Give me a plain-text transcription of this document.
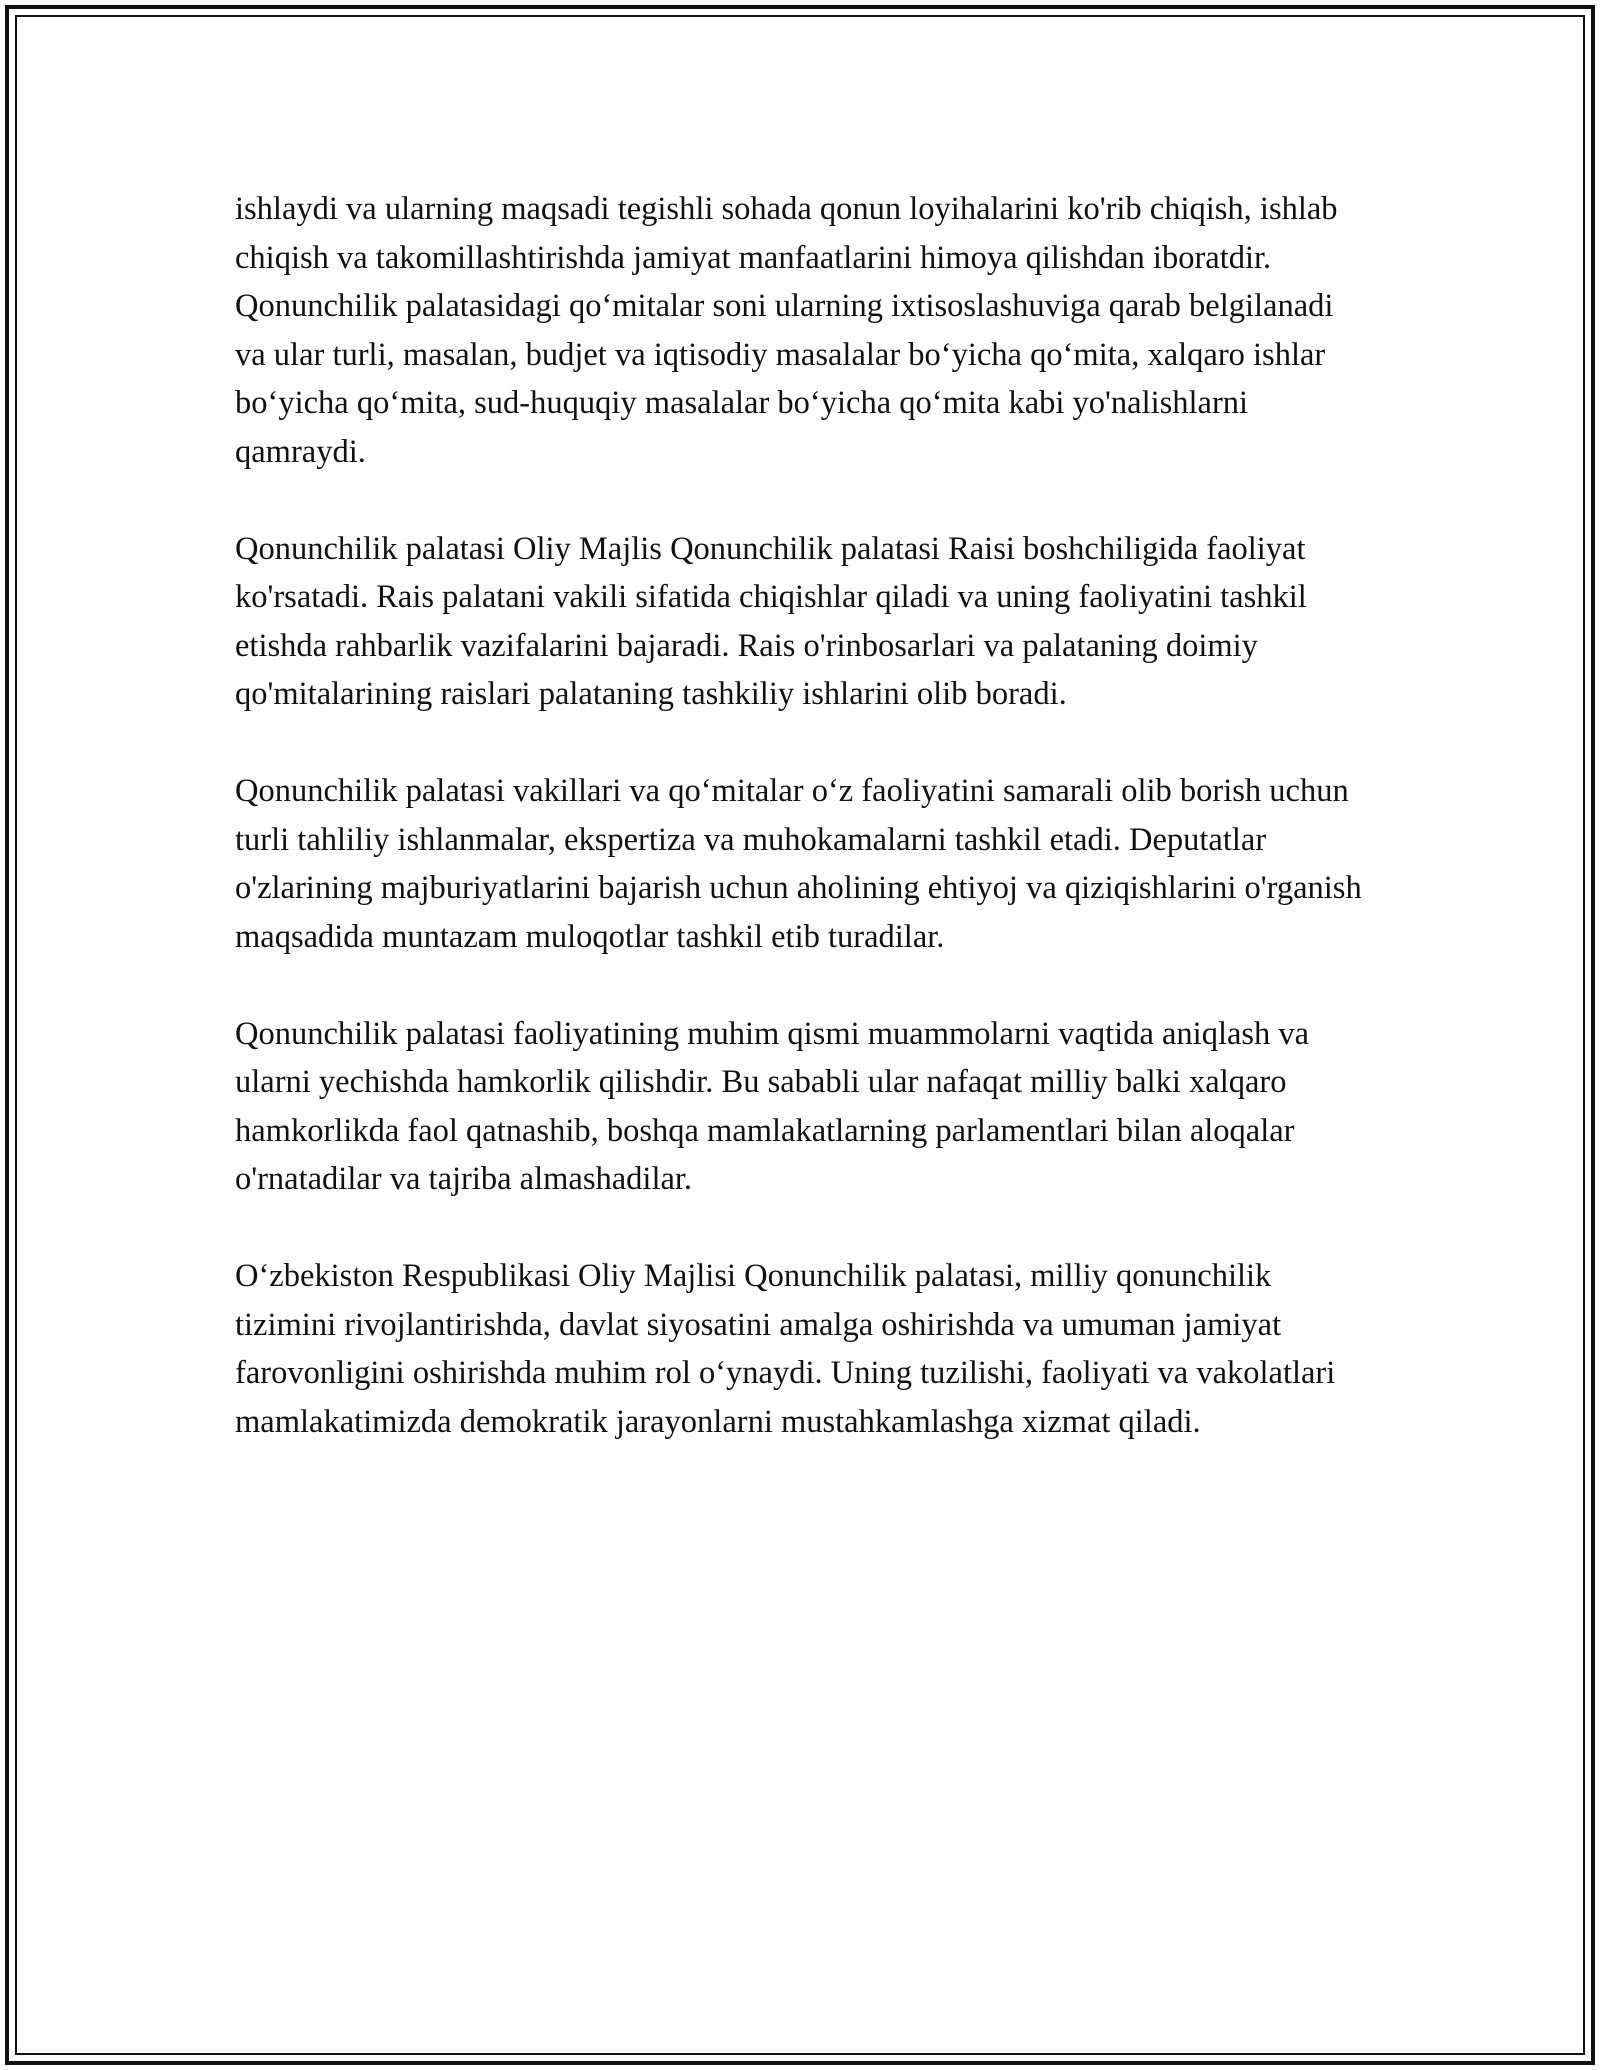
ishlaydi va ularning maqsadi tegishli sohada qonun loyihalarini ko'rib chiqish, ishlab chiqish va takomillashtirishda jamiyat manfaatlarini himoya qilishdan iboratdir. Qonunchilik palatasidagi qo‘mitalar soni ularning ixtisoslashuviga qarab belgilanadi va ular turli, masalan, budjet va iqtisodiy masalalar bo‘yicha qo‘mita, xalqaro ishlar bo‘yicha qo‘mita, sud-huquqiy masalalar bo‘yicha qo‘mita kabi yo'nalishlarni qamraydi.

Qonunchilik palatasi Oliy Majlis Qonunchilik palatasi Raisi boshchiligida faoliyat ko'rsatadi. Rais palatani vakili sifatida chiqishlar qiladi va uning faoliyatini tashkil etishda rahbarlik vazifalarini bajaradi. Rais o'rinbosarlari va palataning doimiy qo'mitalarining raislari palataning tashkiliy ishlarini olib boradi.

Qonunchilik palatasi vakillari va qo‘mitalar o‘z faoliyatini samarali olib borish uchun turli tahliliy ishlanmalar, ekspertiza va muhokamalarni tashkil etadi. Deputatlar o'zlarining majburiyatlarini bajarish uchun aholining ehtiyoj va qiziqishlarini o'rganish maqsadida muntazam muloqotlar tashkil etib turadilar.

Qonunchilik palatasi faoliyatining muhim qismi muammolarni vaqtida aniqlash va ularni yechishda hamkorlik qilishdir. Bu sababli ular nafaqat milliy balki xalqaro hamkorlikda faol qatnashib, boshqa mamlakatlarning parlamentlari bilan aloqalar o'rnatadilar va tajriba almashadilar.

O‘zbekiston Respublikasi Oliy Majlisi Qonunchilik palatasi, milliy qonunchilik tizimini rivojlantirishda, davlat siyosatini amalga oshirishda va umuman jamiyat farovonligini oshirishda muhim rol o‘ynaydi. Uning tuzilishi, faoliyati va vakolatlari mamlakatimizda demokratik jarayonlarni mustahkamlashga xizmat qiladi.
